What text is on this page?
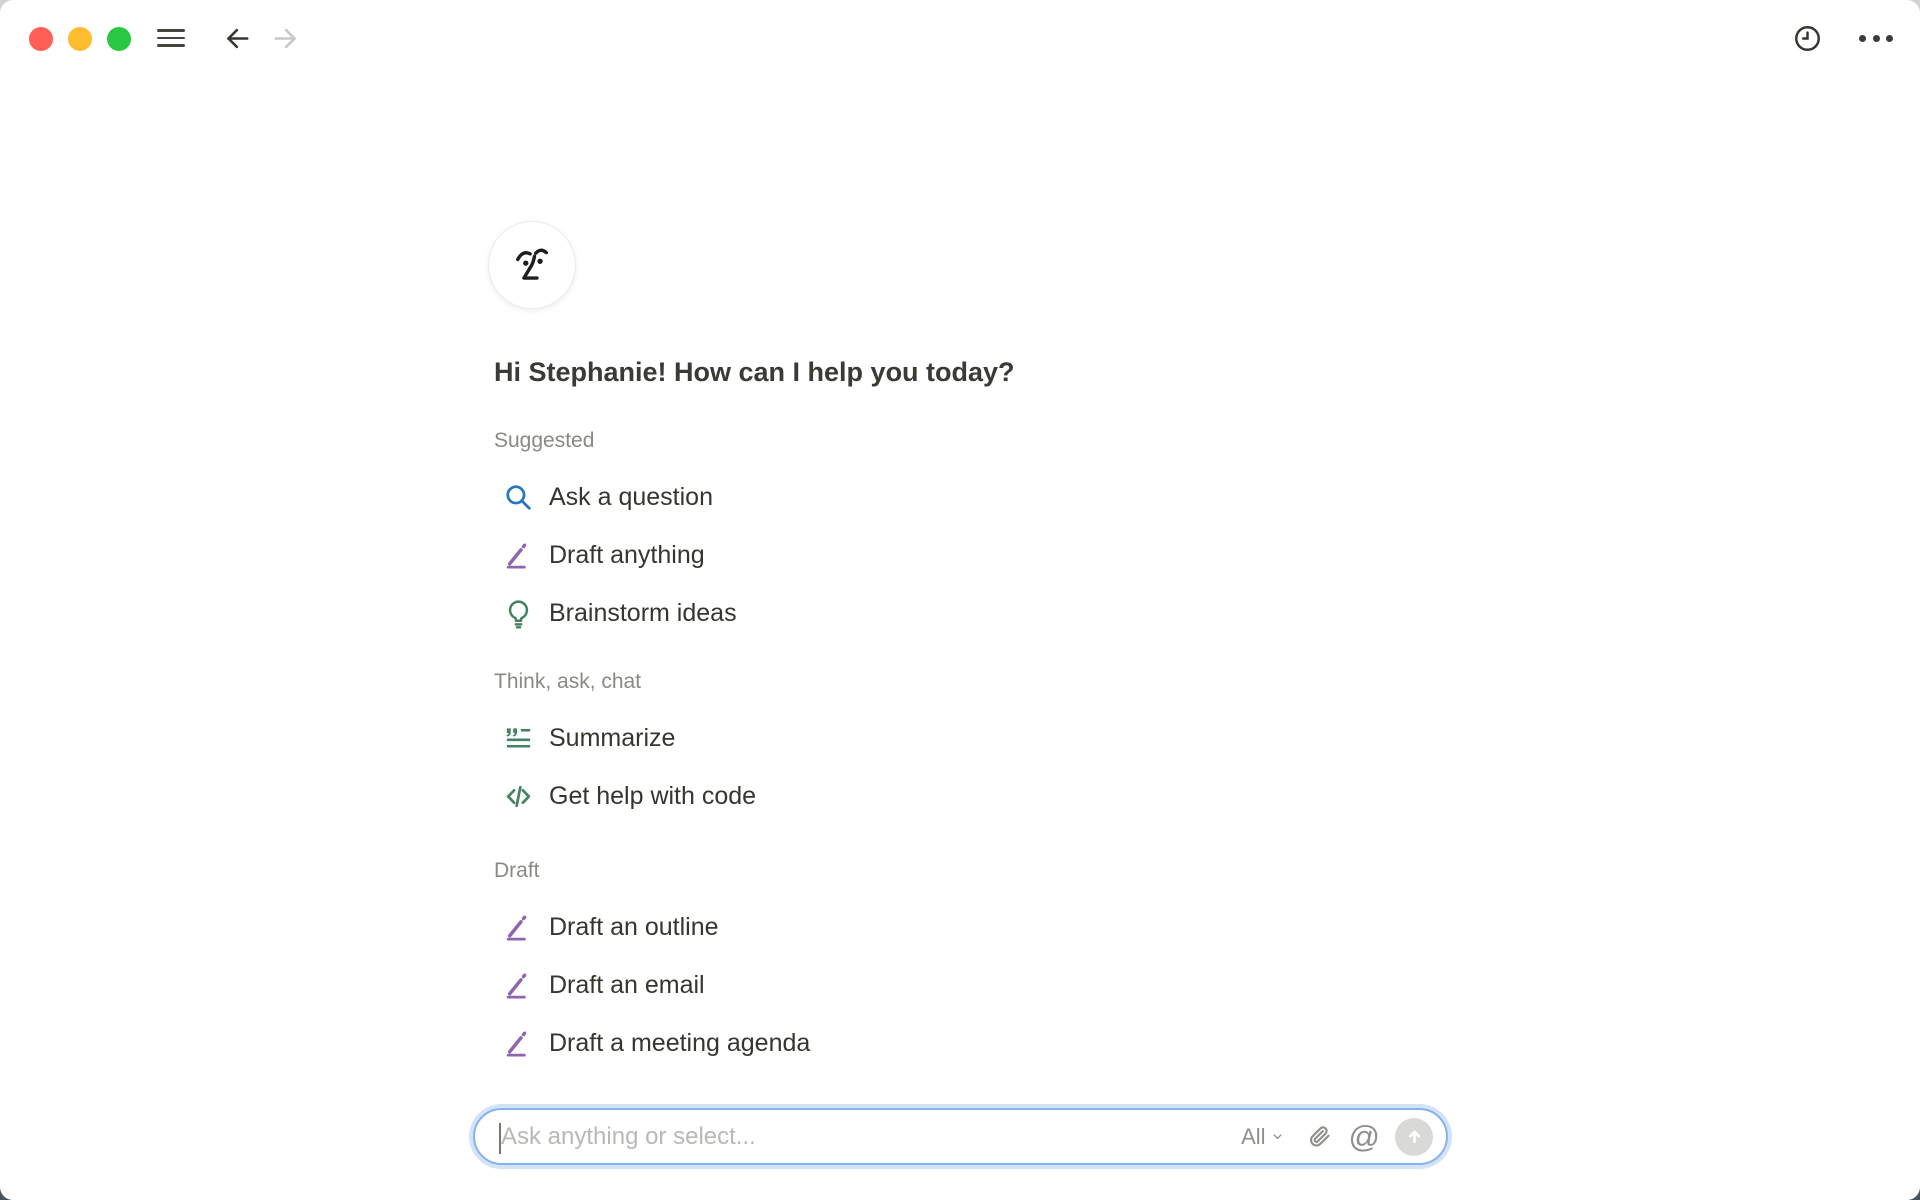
Hi Stephanie! How can I help you today?
Suggested
Ask a question
Draft anything
Brainstorm ideas
Think, ask, chat
Summarize
Get help with code
Draft
Draft an outline
Draft an email
Draft a meeting agenda
Ask anything or select...
All	@
